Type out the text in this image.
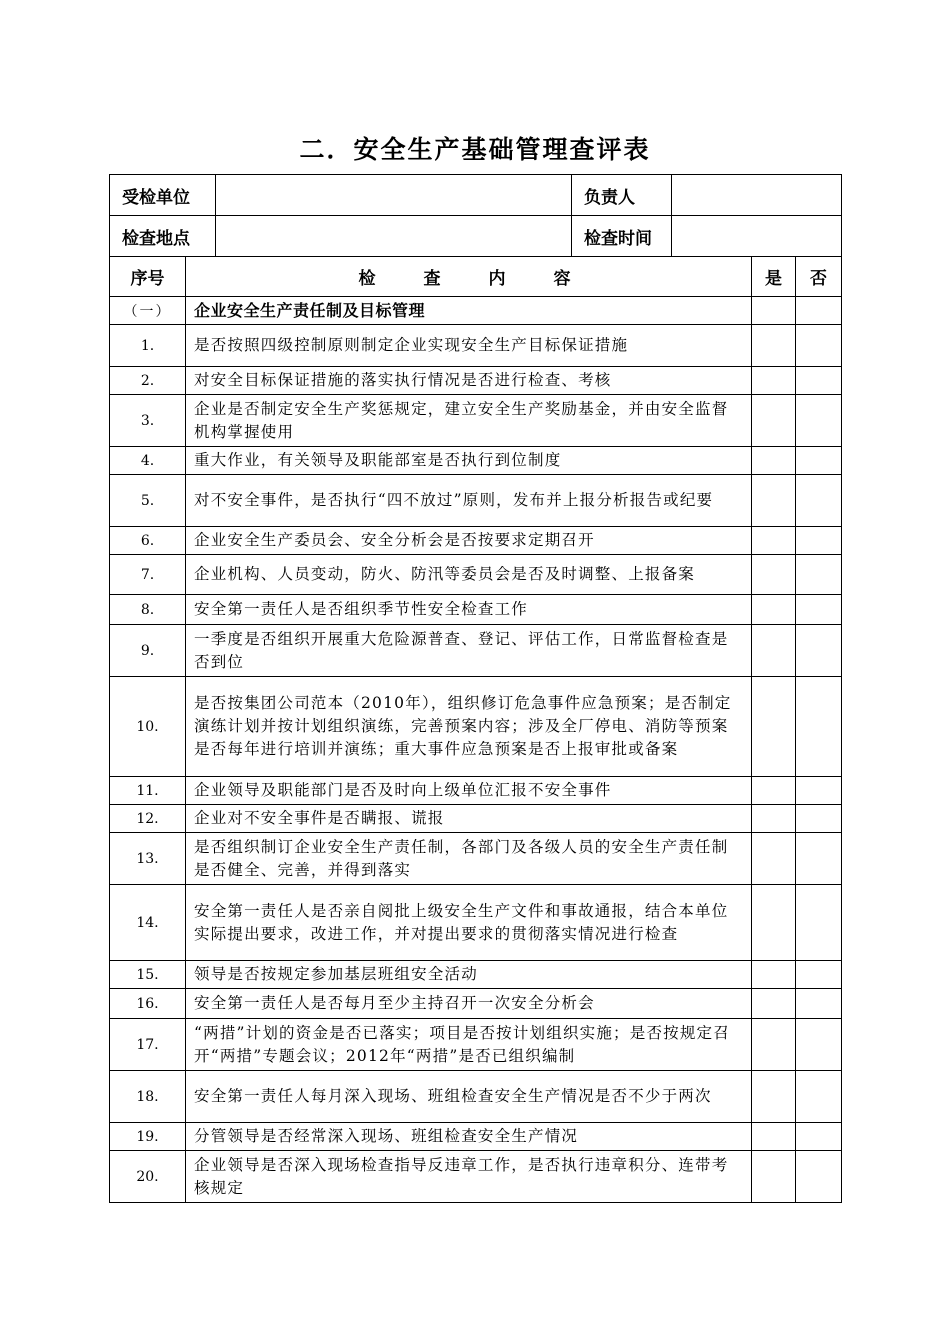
二．安全生产基础管理查评表
受检单位			负责人			
检查地点			检查时间			
序号	检查内容				是	否
（一）	企业安全生产责任制及目标管理					
1.	是否按照四级控制原则制定企业实现安全生产目标保证措施					
2.	对安全目标保证措施的落实执行情况是否进行检查、考核					
3.	企业是否制定安全生产奖惩规定，建立安全生产奖励基金，并由安全监督机构掌握使用					
4.	重大作业，有关领导及职能部室是否执行到位制度					
5.	对不安全事件，是否执行“四不放过”原则，发布并上报分析报告或纪要					
6.	企业安全生产委员会、安全分析会是否按要求定期召开					
7.	企业机构、人员变动，防火、防汛等委员会是否及时调整、上报备案					
8.	安全第一责任人是否组织季节性安全检查工作					
9.	一季度是否组织开展重大危险源普查、登记、评估工作，日常监督检查是否到位					
10.	是否按集团公司范本（2010年），组织修订危急事件应急预案；是否制定演练计划并按计划组织演练，完善预案内容；涉及全厂停电、消防等预案是否每年进行培训并演练；重大事件应急预案是否上报审批或备案					
11.	企业领导及职能部门是否及时向上级单位汇报不安全事件					
12.	企业对不安全事件是否瞒报、谎报					
13.	是否组织制订企业安全生产责任制，各部门及各级人员的安全生产责任制是否健全、完善，并得到落实					
14.	安全第一责任人是否亲自阅批上级安全生产文件和事故通报，结合本单位实际提出要求，改进工作，并对提出要求的贯彻落实情况进行检查					
15.	领导是否按规定参加基层班组安全活动					
16.	安全第一责任人是否每月至少主持召开一次安全分析会					
17.	“两措”计划的资金是否已落实；项目是否按计划组织实施；是否按规定召开“两措”专题会议；2012年“两措”是否已组织编制					
18.	安全第一责任人每月深入现场、班组检查安全生产情况是否不少于两次					
19.	分管领导是否经常深入现场、班组检查安全生产情况					
20.	企业领导是否深入现场检查指导反违章工作，是否执行违章积分、连带考核规定					
